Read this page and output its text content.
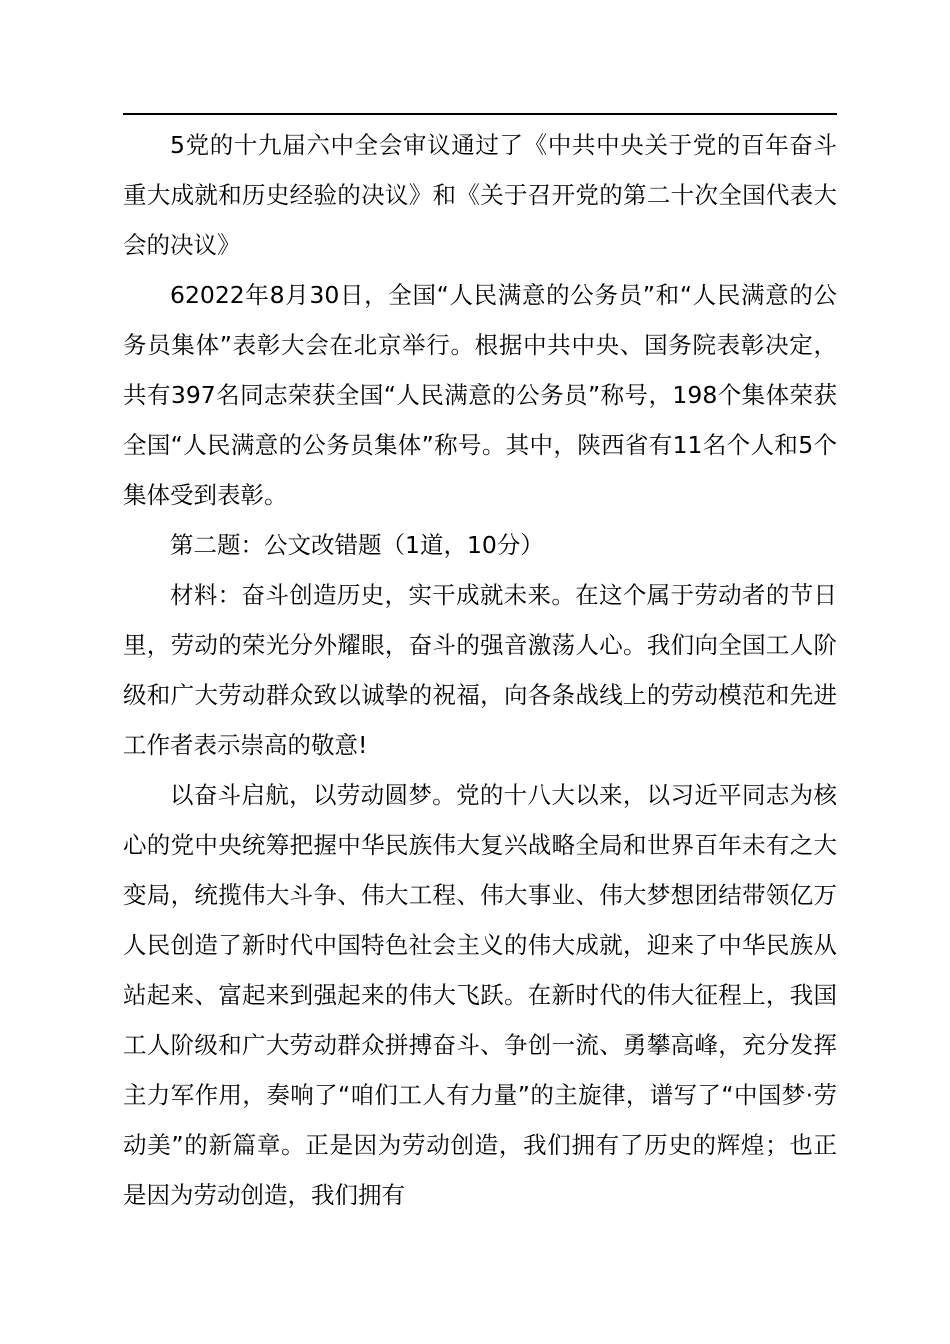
5党的十九届六中全会审议通过了《中共中央关于党的百年奋斗重大成就和历史经验的决议》和《关于召开党的第二十次全国代表大会的决议》

62022年8月30日，全国“人民满意的公务员”和“人民满意的公务员集体”表彰大会在北京举行。根据中共中央、国务院表彰决定，共有397名同志荣获全国“人民满意的公务员”称号，198个集体荣获全国“人民满意的公务员集体”称号。其中，陕西省有11名个人和5个集体受到表彰。

第二题：公文改错题（1道，10分）

材料：奋斗创造历史，实干成就未来。在这个属于劳动者的节日里，劳动的荣光分外耀眼，奋斗的强音激荡人心。我们向全国工人阶级和广大劳动群众致以诚挚的祝福，向各条战线上的劳动模范和先进工作者表示崇高的敬意!

以奋斗启航，以劳动圆梦。党的十八大以来，以习近平同志为核心的党中央统筹把握中华民族伟大复兴战略全局和世界百年未有之大变局，统揽伟大斗争、伟大工程、伟大事业、伟大梦想团结带领亿万人民创造了新时代中国特色社会主义的伟大成就，迎来了中华民族从站起来、富起来到强起来的伟大飞跃。在新时代的伟大征程上，我国工人阶级和广大劳动群众拼搏奋斗、争创一流、勇攀高峰，充分发挥主力军作用，奏响了“咱们工人有力量”的主旋律，谱写了“中国梦·劳动美”的新篇章。正是因为劳动创造，我们拥有了历史的辉煌；也正是因为劳动创造，我们拥有
